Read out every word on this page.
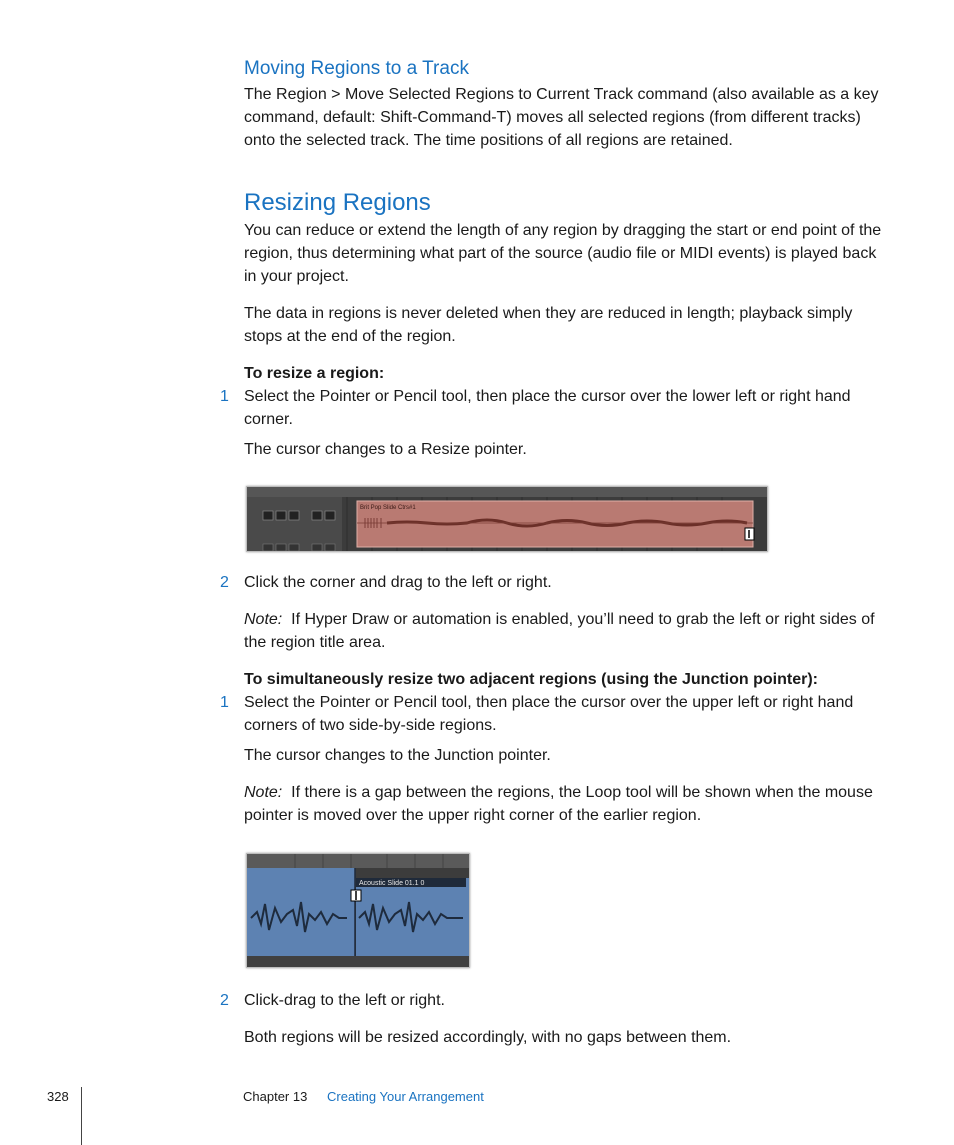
Moving Regions to a Track
The Region > Move Selected Regions to Current Track command (also available as a key command, default: Shift-Command-T) moves all selected regions (from different tracks) onto the selected track. The time positions of all regions are retained.
Resizing Regions
You can reduce or extend the length of any region by dragging the start or end point of the region, thus determining what part of the source (audio file or MIDI events) is played back in your project.
The data in regions is never deleted when they are reduced in length; playback simply stops at the end of the region.
To resize a region:
1 Select the Pointer or Pencil tool, then place the cursor over the lower left or right hand corner.
The cursor changes to a Resize pointer.
Brit Pop Slide Ctrs#1
2 Click the corner and drag to the left or right.
Note: If Hyper Draw or automation is enabled, you’ll need to grab the left or right sides of the region title area.
To simultaneously resize two adjacent regions (using the Junction pointer):
1 Select the Pointer or Pencil tool, then place the cursor over the upper left or right hand corners of two side-by-side regions.
The cursor changes to the Junction pointer.
Note: If there is a gap between the regions, the Loop tool will be shown when the mouse pointer is moved over the upper right corner of the earlier region.
Acoustic Slide 01.1 0
2 Click-drag to the left or right.
Both regions will be resized accordingly, with no gaps between them.
328	Chapter 13 Creating Your Arrangement
